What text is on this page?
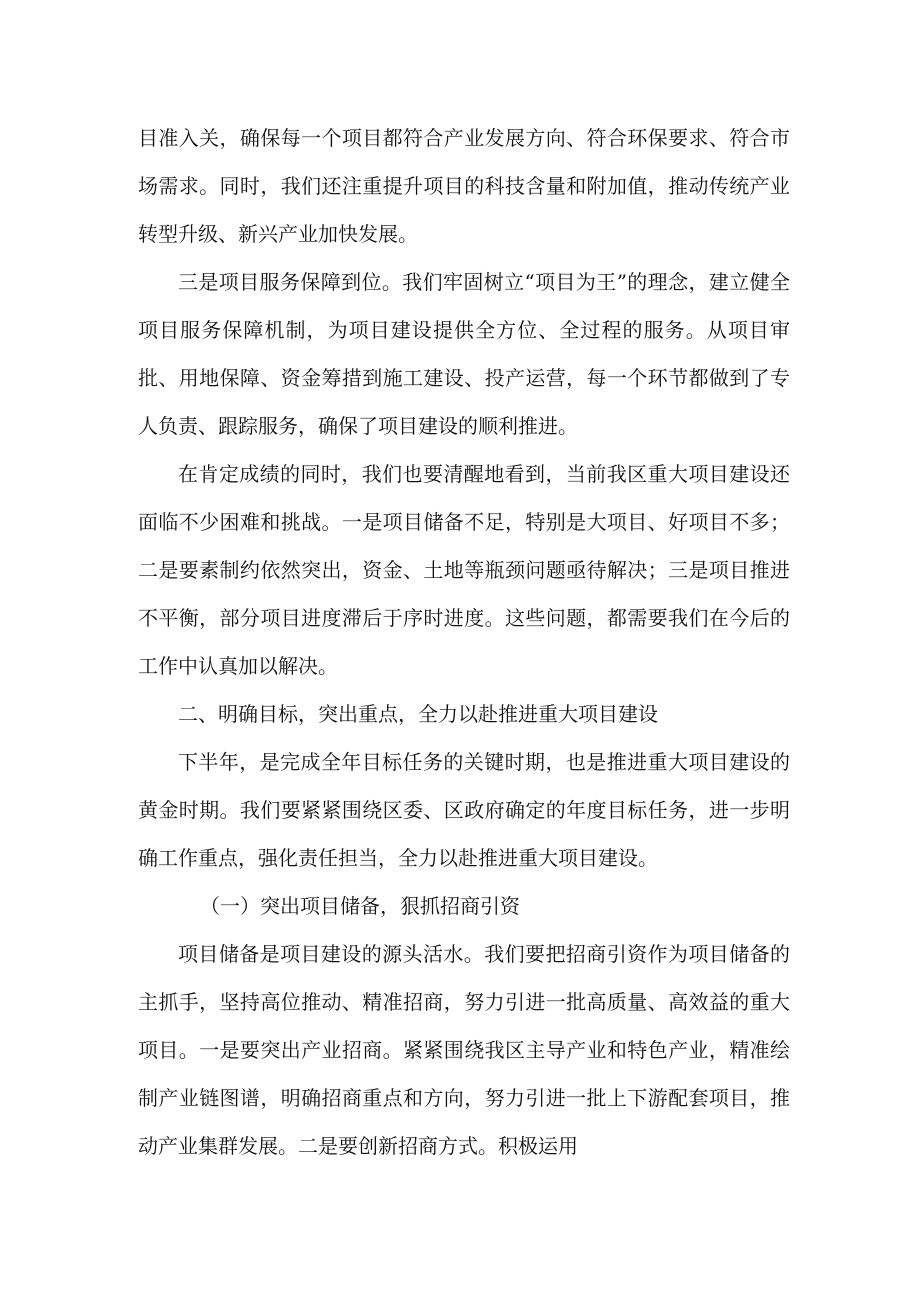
目准入关，确保每一个项目都符合产业发展方向、符合环保要求、符合市场需求。同时，我们还注重提升项目的科技含量和附加值，推动传统产业转型升级、新兴产业加快发展。

三是项目服务保障到位。我们牢固树立“项目为王”的理念，建立健全项目服务保障机制，为项目建设提供全方位、全过程的服务。从项目审批、用地保障、资金筹措到施工建设、投产运营，每一个环节都做到了专人负责、跟踪服务，确保了项目建设的顺利推进。

在肯定成绩的同时，我们也要清醒地看到，当前我区重大项目建设还面临不少困难和挑战。一是项目储备不足，特别是大项目、好项目不多；二是要素制约依然突出，资金、土地等瓶颈问题亟待解决；三是项目推进不平衡，部分项目进度滞后于序时进度。这些问题，都需要我们在今后的工作中认真加以解决。

二、明确目标，突出重点，全力以赴推进重大项目建设

下半年，是完成全年目标任务的关键时期，也是推进重大项目建设的黄金时期。我们要紧紧围绕区委、区政府确定的年度目标任务，进一步明确工作重点，强化责任担当，全力以赴推进重大项目建设。

（一）突出项目储备，狠抓招商引资

项目储备是项目建设的源头活水。我们要把招商引资作为项目储备的主抓手，坚持高位推动、精准招商，努力引进一批高质量、高效益的重大项目。一是要突出产业招商。紧紧围绕我区主导产业和特色产业，精准绘制产业链图谱，明确招商重点和方向，努力引进一批上下游配套项目，推动产业集群发展。二是要创新招商方式。积极运用
